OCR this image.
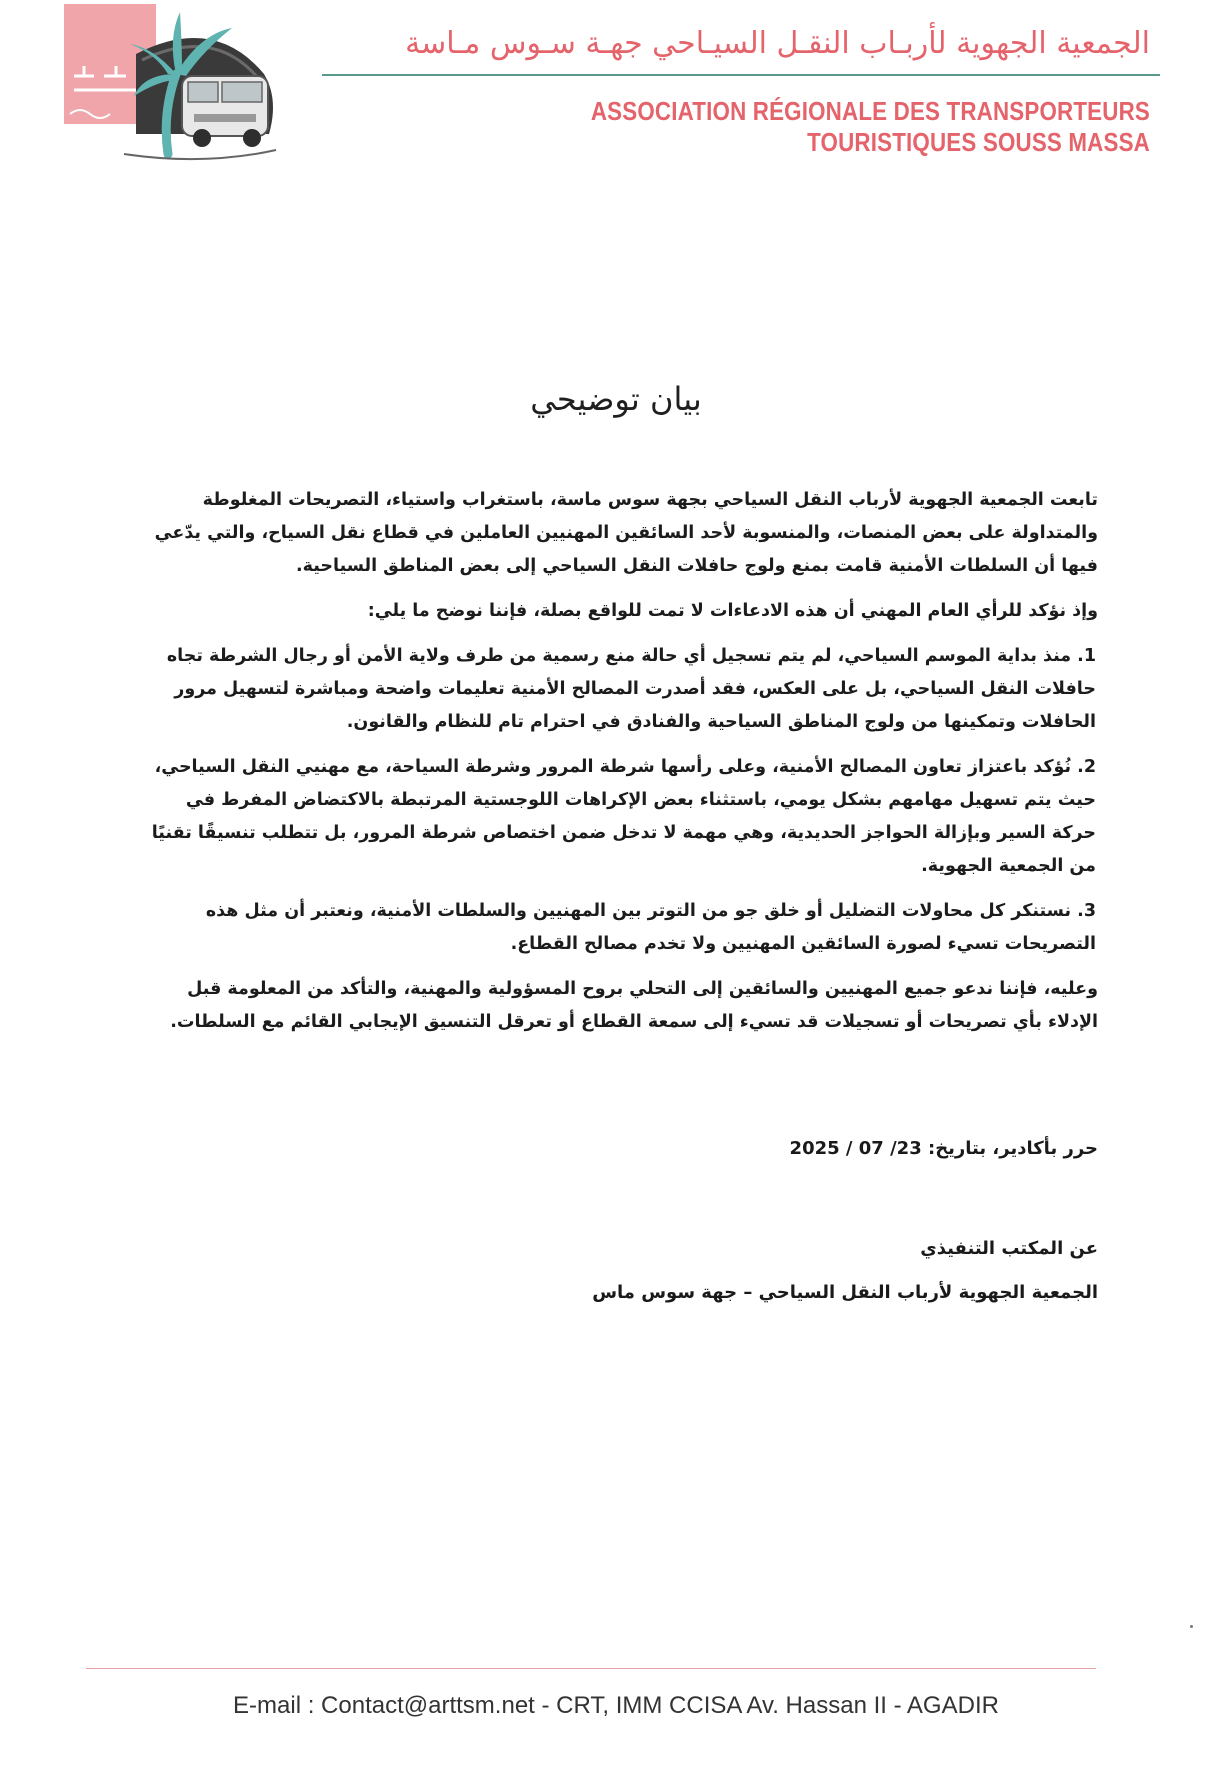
الجمعية الجهوية لأربـاب النقـل السيـاحي جهـة سـوس مـاسة
ASSOCIATION RÉGIONALE DES TRANSPORTEURS TOURISTIQUES SOUSS MASSA
بيان توضيحي

تابعت الجمعية الجهوية لأرباب النقل السياحي بجهة سوس ماسة، باستغراب واستياء، التصريحات المغلوطة والمتداولة على بعض المنصات، والمنسوبة لأحد السائقين المهنيين العاملين في قطاع نقل السياح، والتي يدّعي فيها أن السلطات الأمنية قامت بمنع ولوج حافلات النقل السياحي إلى بعض المناطق السياحية.

وإذ نؤكد للرأي العام المهني أن هذه الادعاءات لا تمت للواقع بصلة، فإننا نوضح ما يلي:

1. منذ بداية الموسم السياحي، لم يتم تسجيل أي حالة منع رسمية من طرف ولاية الأمن أو رجال الشرطة تجاه حافلات النقل السياحي، بل على العكس، فقد أصدرت المصالح الأمنية تعليمات واضحة ومباشرة لتسهيل مرور الحافلات وتمكينها من ولوج المناطق السياحية والفنادق في احترام تام للنظام والقانون.

2. نُؤكد باعتزاز تعاون المصالح الأمنية، وعلى رأسها شرطة المرور وشرطة السياحة، مع مهنيي النقل السياحي، حيث يتم تسهيل مهامهم بشكل يومي، باستثناء بعض الإكراهات اللوجستية المرتبطة بالاكتضاض المفرط في حركة السير وبإزالة الحواجز الحديدية، وهي مهمة لا تدخل ضمن اختصاص شرطة المرور، بل تتطلب تنسيقًا تقنيًا من الجمعية الجهوية.

3. نستنكر كل محاولات التضليل أو خلق جو من التوتر بين المهنيين والسلطات الأمنية، ونعتبر أن مثل هذه التصريحات تسيء لصورة السائقين المهنيين ولا تخدم مصالح القطاع.

وعليه، فإننا ندعو جميع المهنيين والسائقين إلى التحلي بروح المسؤولية والمهنية، والتأكد من المعلومة قبل الإدلاء بأي تصريحات أو تسجيلات قد تسيء إلى سمعة القطاع أو تعرقل التنسيق الإيجابي القائم مع السلطات.

حرر بأكادير، بتاريخ: 23/ 07 / 2025
عن المكتب التنفيذي
الجمعية الجهوية لأرباب النقل السياحي – جهة سوس ماس
E-mail : Contact@arttsm.net - CRT, IMM CCISA Av. Hassan II - AGADIR
